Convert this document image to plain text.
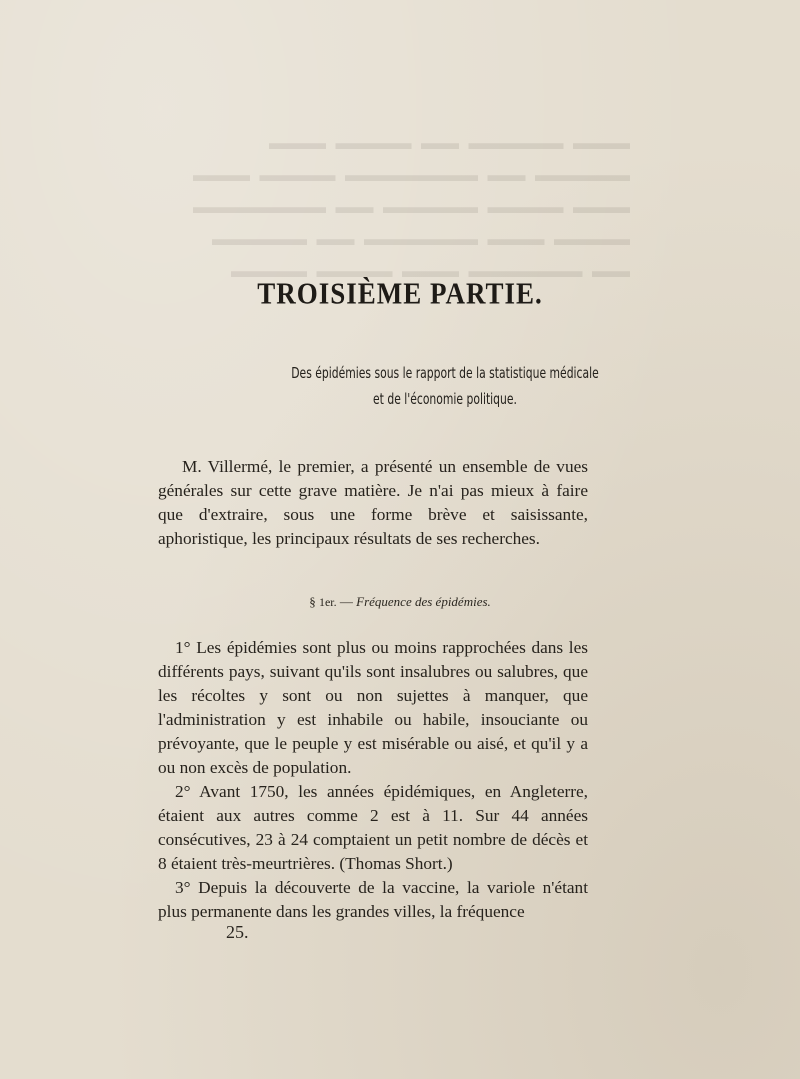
▬▬▬  ▬▬▬▬▬  ▬▬  ▬▬▬▬  ▬▬▬
▬▬▬▬▬  ▬▬  ▬▬▬▬▬▬▬  ▬▬▬▬  ▬▬▬
▬▬▬  ▬▬▬▬  ▬▬▬▬▬  ▬▬  ▬▬▬▬▬▬▬
▬▬▬▬  ▬▬▬  ▬▬▬▬▬▬  ▬▬  ▬▬▬▬▬
▬▬  ▬▬▬▬▬▬  ▬▬▬  ▬▬▬▬  ▬▬▬▬
TROISIÈME PARTIE.
Des épidémies sous le rapport de la statistique médicale
et de l'économie politique.
M. Villermé, le premier, a présenté un ensemble de vues générales sur cette grave matière. Je n'ai pas mieux à faire que d'extraire, sous une forme brève et saisissante, aphoristique, les principaux résultats de ses recherches.
§ 1er. — Fréquence des épidémies.

1° Les épidémies sont plus ou moins rapprochées dans les différents pays, suivant qu'ils sont insalubres ou salubres, que les récoltes y sont ou non sujettes à manquer, que l'administration y est inhabile ou habile, insouciante ou prévoyante, que le peuple y est misérable ou aisé, et qu'il y a ou non excès de population.

2° Avant 1750, les années épidémiques, en Angleterre, étaient aux autres comme 2 est à 11. Sur 44 années consécutives, 23 à 24 comptaient un petit nombre de décès et 8 étaient très-meurtrières. (Thomas Short.)

3° Depuis la découverte de la vaccine, la variole n'étant plus permanente dans les grandes villes, la fréquence

25.
